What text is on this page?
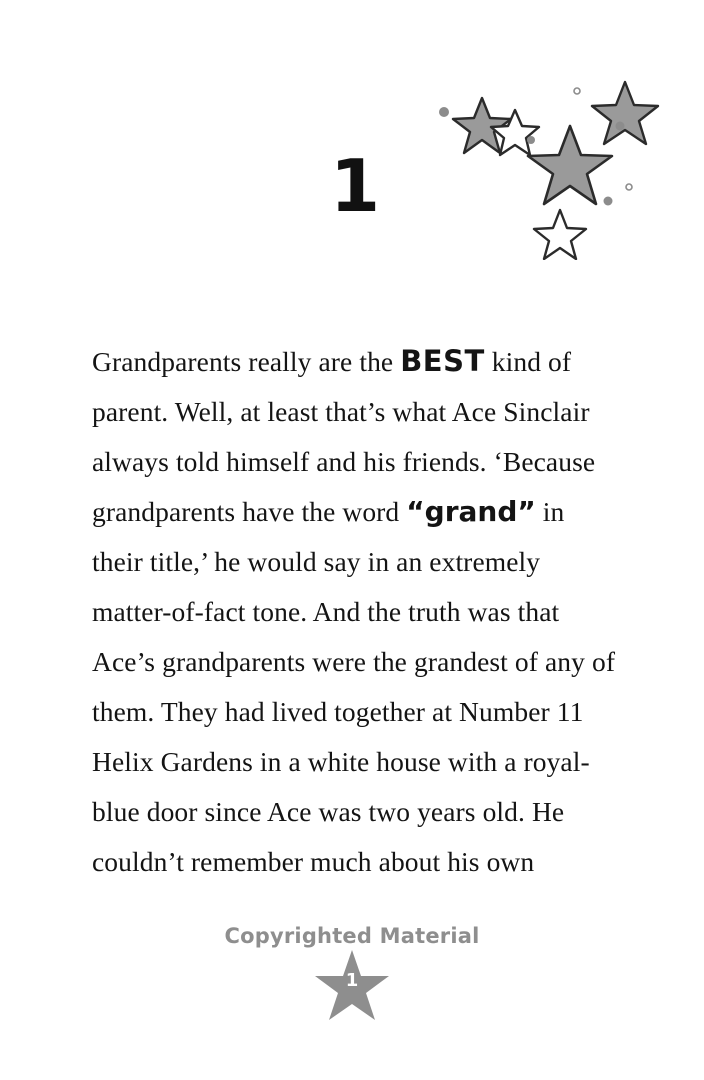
1

Grandparents really are the BEST kind of parent. Well, at least that’s what Ace Sinclair always told himself and his friends. ‘Because grandparents have the word “grand” in their title,’ he would say in an extremely matter-of-fact tone. And the truth was that Ace’s grandparents were the grandest of any of them. They had lived together at Number 11 Helix Gardens in a white house with a royal-blue door since Ace was two years old. He couldn’t remember much about his own

Copyrighted Material
1
